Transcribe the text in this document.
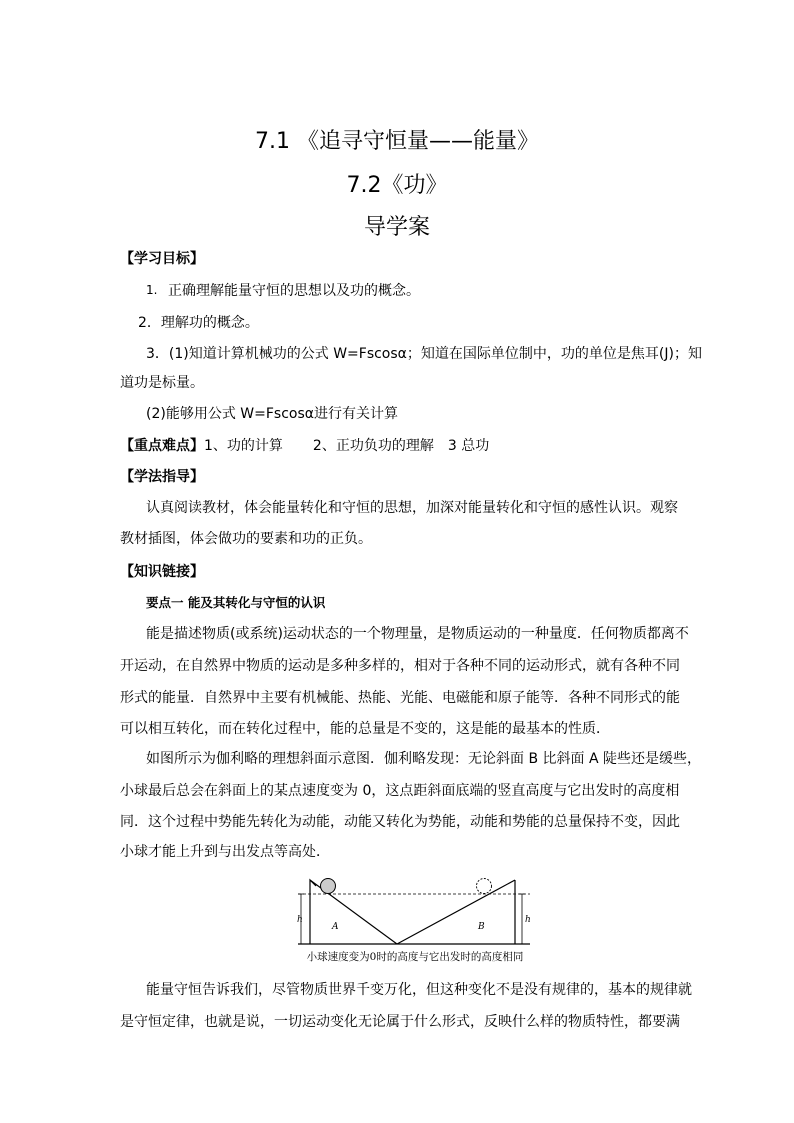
7.1 《追寻守恒量——能量》
7.2《功》
导学案
【学习目标】
1. 正确理解能量守恒的思想以及功的概念。
2．理解功的概念。
3．(1)知道计算机械功的公式 W=Fscosα；知道在国际单位制中，功的单位是焦耳(J)；知
道功是标量。
(2)能够用公式 W=Fscosα进行有关计算
【重点难点】1、功的计算 2、正功负功的理解 3 总功
【学法指导】
认真阅读教材，体会能量转化和守恒的思想，加深对能量转化和守恒的感性认识。观察
教材插图，体会做功的要素和功的正负。
【知识链接】
要点一 能及其转化与守恒的认识
能是描述物质(或系统)运动状态的一个物理量，是物质运动的一种量度．任何物质都离不
开运动，在自然界中物质的运动是多种多样的，相对于各种不同的运动形式，就有各种不同
形式的能量．自然界中主要有机械能、热能、光能、电磁能和原子能等．各种不同形式的能
可以相互转化，而在转化过程中，能的总量是不变的，这是能的最基本的性质．
如图所示为伽利略的理想斜面示意图．伽利略发现：无论斜面 B 比斜面 A 陡些还是缓些，
小球最后总会在斜面上的某点速度变为 0，这点距斜面底端的竖直高度与它出发时的高度相
同．这个过程中势能先转化为动能，动能又转化为势能，动能和势能的总量保持不变，因此
小球才能上升到与出发点等高处．
h	h
A	B
小球速度变为0时的高度与它出发时的高度相同
能量守恒告诉我们，尽管物质世界千变万化，但这种变化不是没有规律的，基本的规律就
是守恒定律，也就是说，一切运动变化无论属于什么形式，反映什么样的物质特性，都要满
